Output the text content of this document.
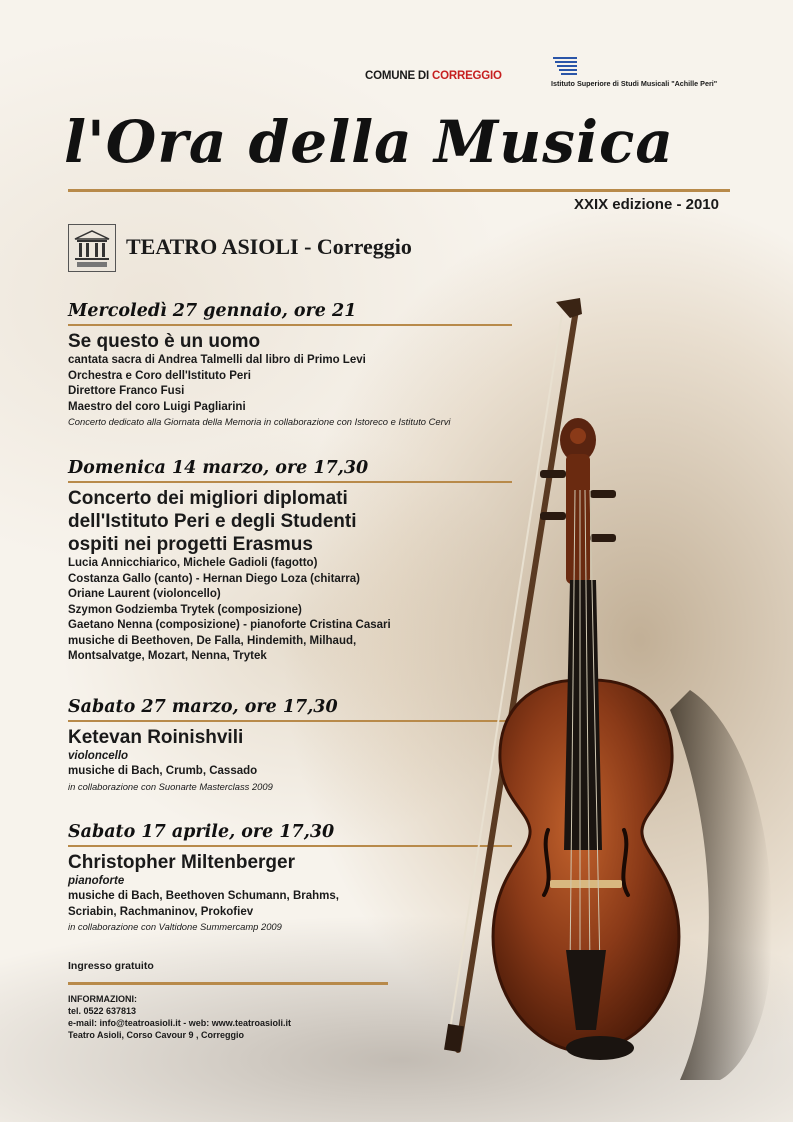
COMUNE DI CORREGGIO
Istituto Superiore di Studi Musicali "Achille Peri"
l'Ora della Musica
XXIX edizione - 2010
TEATRO ASIOLI - Correggio
Mercoledì 27 gennaio, ore 21
Se questo è un uomo
cantata sacra di Andrea Talmelli dal libro di Primo Levi
Orchestra e Coro dell'Istituto Peri
Direttore Franco Fusi
Maestro del coro Luigi Pagliarini
Concerto dedicato alla Giornata della Memoria in collaborazione con Istoreco e Istituto Cervi
Domenica 14 marzo, ore 17,30
Concerto dei migliori diplomati
dell'Istituto Peri e degli Studenti
ospiti nei progetti Erasmus
Lucia Annicchiarico, Michele Gadioli (fagotto)
Costanza Gallo (canto) - Hernan Diego Loza (chitarra)
Oriane Laurent (violoncello)
Szymon Godziemba Trytek (composizione)
Gaetano Nenna (composizione) - pianoforte Cristina Casari
musiche di Beethoven, De Falla, Hindemith, Milhaud,
Montsalvatge, Mozart, Nenna, Trytek
Sabato 27 marzo, ore 17,30
Ketevan Roinishvili
violoncello
musiche di Bach, Crumb, Cassado
in collaborazione con Suonarte Masterclass 2009
Sabato 17 aprile, ore 17,30
Christopher Miltenberger
pianoforte
musiche di Bach, Beethoven Schumann, Brahms,
Scriabin, Rachmaninov, Prokofiev
in collaborazione con Valtidone Summercamp 2009
Ingresso gratuito
INFORMAZIONI:
tel. 0522 637813
e-mail: info@teatroasioli.it - web: www.teatroasioli.it
Teatro Asioli, Corso Cavour 9 , Correggio
